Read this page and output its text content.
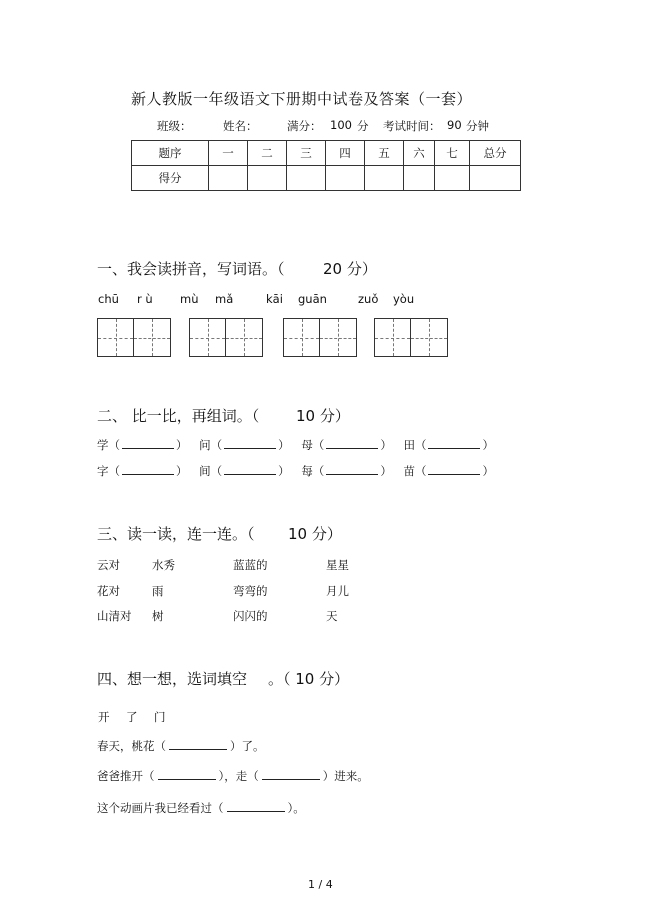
新人教版一年级语文下册期中试卷及答案（一套）
班级：	姓名：	满分： 100 分 考试时间： 90 分钟
题序	一	二	三	四	五	六	七	总分
得分								
一、我会读拼音，写词语。（	20 分）
chū r ù mù mǎ	kāi guān	zuǒ yòu
二、 比一比，再组词。（ 10 分）
学（	） 问（	） 母（	） 田（	）
字（	） 间（	） 每（	） 苗（	）
三、读一读，连一连。（ 10 分）
云对	水秀	蓝蓝的	星星
花对	雨	弯弯的	月儿
山清对 树	闪闪的	天
四、想一想，选词填空 。（ 10 分）
开 了 门
春天，桃花（	）了。
爸爸推开（	），走（	）进来。
这个动画片我已经看过（	）。
1 / 4
